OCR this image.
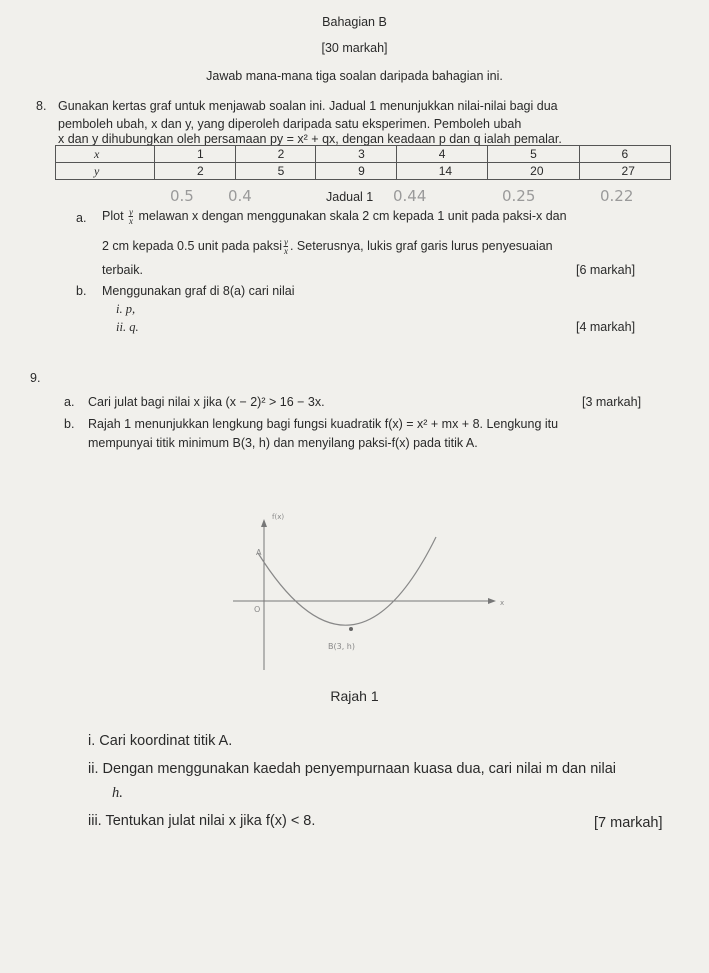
Bahagian B
[30 markah]
Jawab mana-mana tiga soalan daripada bahagian ini.
8. Gunakan kertas graf untuk menjawab soalan ini. Jadual 1 menunjukkan nilai-nilai bagi dua
pemboleh ubah, x dan y, yang diperoleh daripada satu eksperimen. Pemboleh ubah
x dan y dihubungkan oleh persamaan py = x² + qx, dengan keadaan p dan q ialah pemalar.
x	1	2	3	4	5	6
y	2	5	9	14	20	27
0.5 0.4	0.44	0.25	0.22
Jadual 1
a. Plot $\frac{y}{x}$ melawan x dengan menggunakan skala 2 cm kepada 1 unit pada paksi-x dan
2 cm kepada 0.5 unit pada paksi $\frac{y}{x}$ . Seterusnya, lukis graf garis lurus penyesuaian
terbaik.	[6 markah]
b. Menggunakan graf di 8(a) cari nilai
i. p,
ii. q.	[4 markah]
9.
a. Cari julat bagi nilai x jika (x − 2)² > 16 − 3x.	[3 markah]
b. Rajah 1 menunjukkan lengkung bagi fungsi kuadratik f(x) = x² + mx + 8. Lengkung itu
mempunyai titik minimum B(3, h) dan menyilang paksi-f(x) pada titik A.
f(x)
x
A
O
B(3, h)
Rajah 1
i. Cari koordinat titik A.
ii. Dengan menggunakan kaedah penyempurnaan kuasa dua, cari nilai m dan nilai
h.
iii. Tentukan julat nilai x jika f(x) < 8.	[7 markah]
